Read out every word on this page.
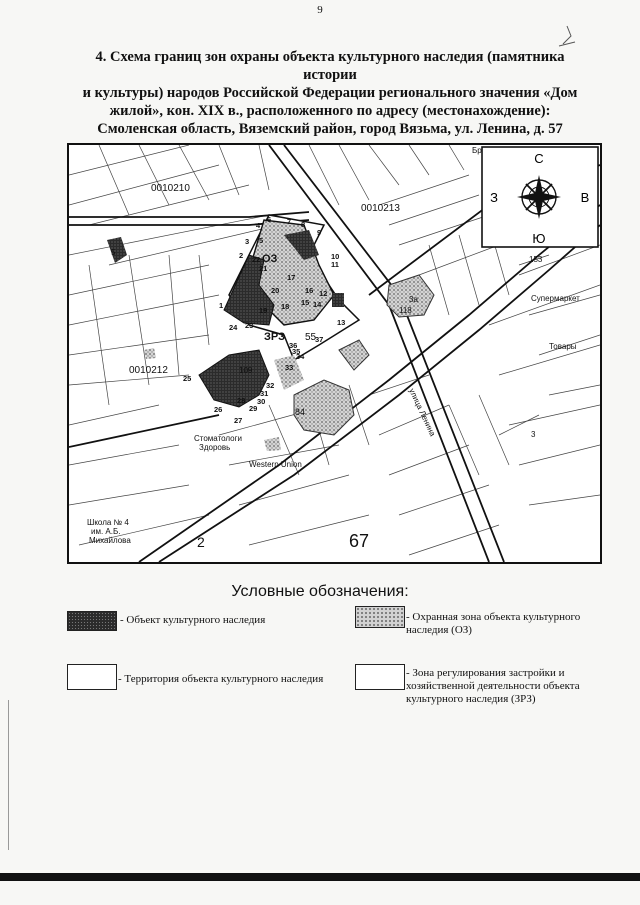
9
4. Схема границ зон охраны объекта культурного наследия (памятника истории
и культуры) народов Российской Федерации регионального значения «Дом
жилой», кон. XIX в., расположенного по адресу (местонахождение):
Смоленская область, Вяземский район, город Вязьма, ул. Ленина, д. 57
С
Ю
З	В
0010210
0010213
0010212
ОЗ
ЗРЗ 55
67
2
Школа № 4
им. А.Б.
Михайлова
Стоматологи
Здоровь
Western Union
улица Ленина
Супермаркет
Товары
Бр
153
3а
84
109
118
5
3
1
2
3
4
5
6 7 8
9
10
11
12
13
14
15
16
17
18
19
20
21
22
23
24
25
26
27
28
29
30
31
32
33
34
35
36
37
Условные обозначения:
- Объект культурного наследия	- Охранная зона объекта культурного наследия (ОЗ)
- Территория объекта культурного наследия	- Зона регулирования застройки и хозяйственной деятельности объекта культурного наследия (ЗРЗ)
